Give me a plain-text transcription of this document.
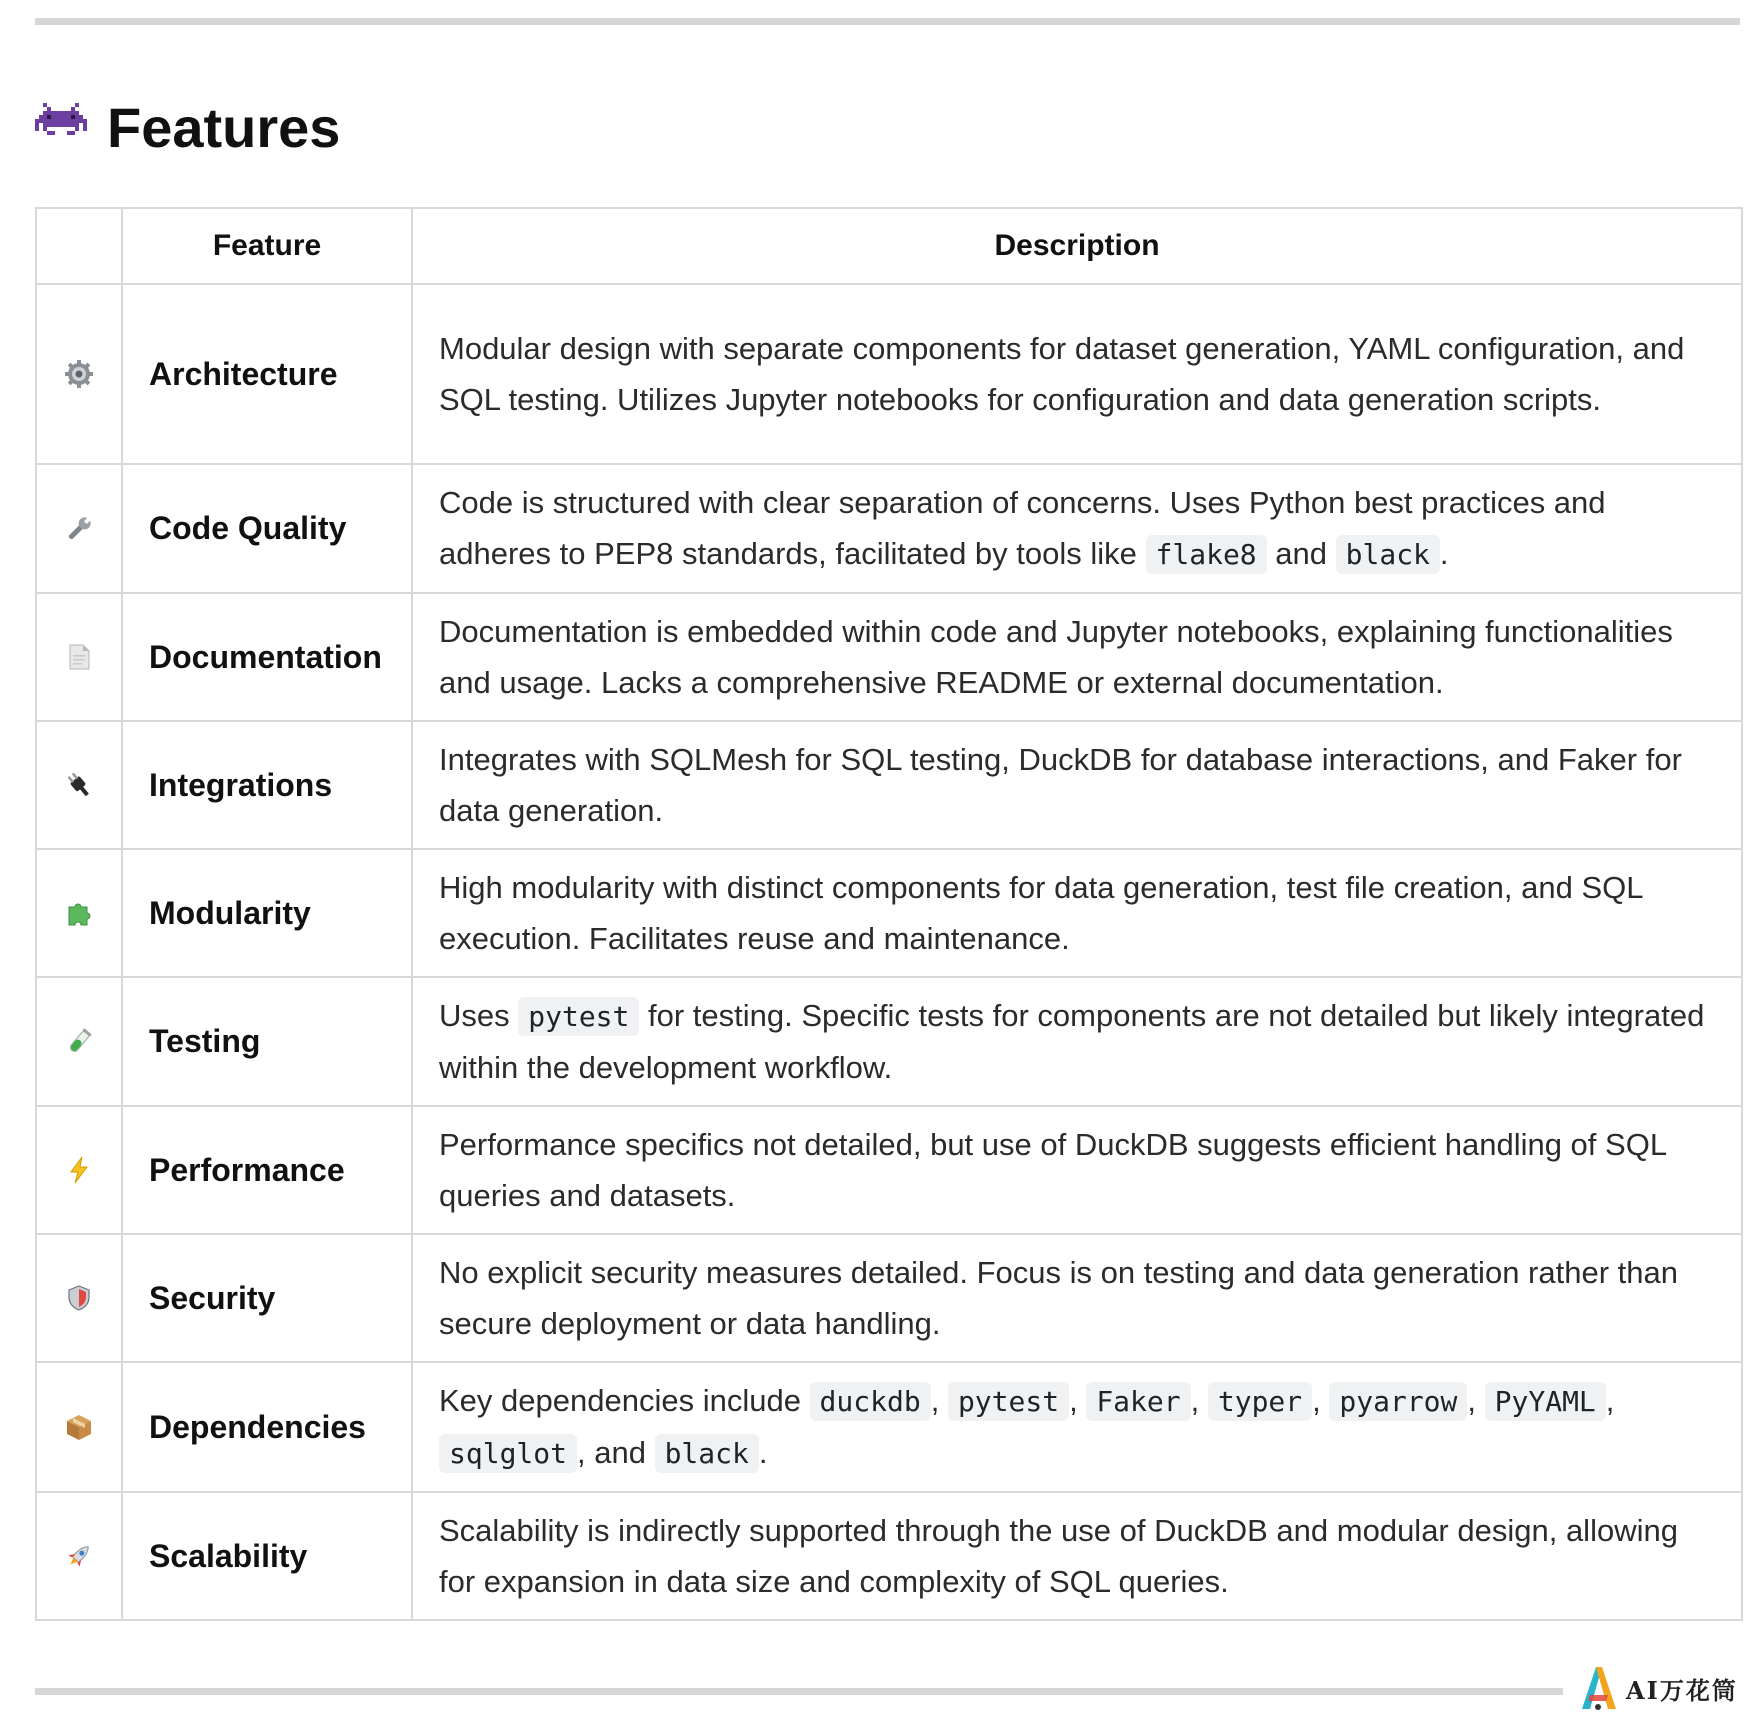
Features
	Feature	Description
	Architecture	Modular design with separate components for dataset generation, YAML configuration, and SQL testing. Utilizes Jupyter notebooks for configuration and data generation scripts.
	Code Quality	Code is structured with clear separation of concerns. Uses Python best practices and adheres to PEP8 standards, facilitated by tools like flake8 and black .
	Documentation	Documentation is embedded within code and Jupyter notebooks, explaining functionalities and usage. Lacks a comprehensive README or external documentation.
	Integrations	Integrates with SQLMesh for SQL testing, DuckDB for database interactions, and Faker for data generation.
	Modularity	High modularity with distinct components for data generation, test file creation, and SQL execution. Facilitates reuse and maintenance.
	Testing	Uses pytest for testing. Specific tests for components are not detailed but likely integrated within the development workflow.
	Performance	Performance specifics not detailed, but use of DuckDB suggests efficient handling of SQL queries and datasets.
	Security	No explicit security measures detailed. Focus is on testing and data generation rather than secure deployment or data handling.
	Dependencies	Key dependencies include duckdb , pytest , Faker , typer , pyarrow , PyYAML , sqlglot , and black .
	Scalability	Scalability is indirectly supported through the use of DuckDB and modular design, allowing for expansion in data size and complexity of SQL queries.
AI万花筒
